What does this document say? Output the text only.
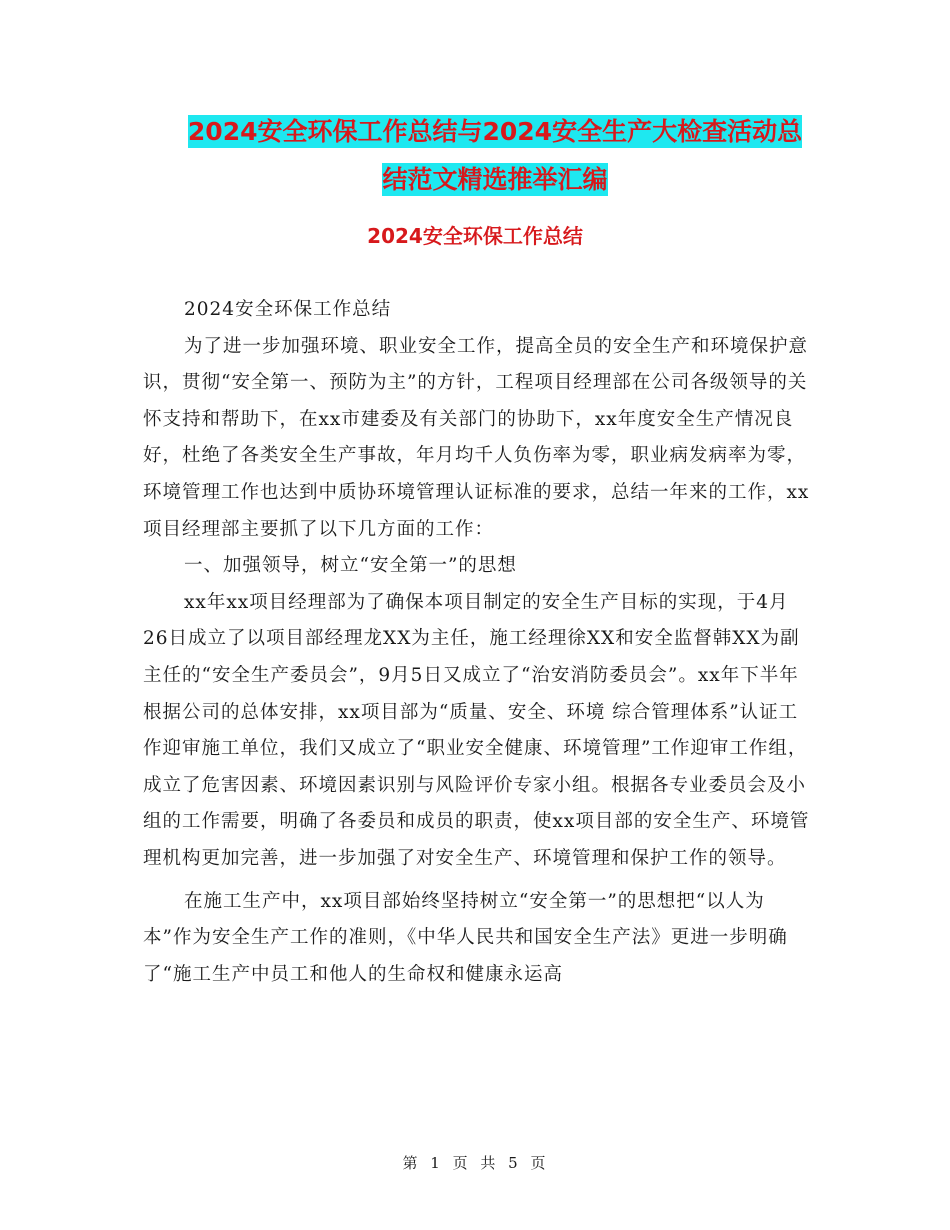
2024安全环保工作总结与2024安全生产大检查活动总
结范文精选推举汇编
2024安全环保工作总结

2024安全环保工作总结

为了进一步加强环境、职业安全工作，提高全员的安全生产和环境保护意识，贯彻“安全第一、预防为主”的方针，工程项目经理部在公司各级领导的关怀支持和帮助下，在xx市建委及有关部门的协助下，xx年度安全生产情况良好，杜绝了各类安全生产事故，年月均千人负伤率为零，职业病发病率为零，环境管理工作也达到中质协环境管理认证标准的要求，总结一年来的工作，xx项目经理部主要抓了以下几方面的工作：

一、加强领导，树立“安全第一”的思想

xx年xx项目经理部为了确保本项目制定的安全生产目标的实现，于4月26日成立了以项目部经理龙XX为主任，施工经理徐XX和安全监督韩XX为副主任的“安全生产委员会”，9月5日又成立了“治安消防委员会”。xx年下半年根据公司的总体安排，xx项目部为“质量、安全、环境 综合管理体系”认证工作迎审施工单位，我们又成立了“职业安全健康、环境管理”工作迎审工作组，成立了危害因素、环境因素识别与风险评价专家小组。根据各专业委员会及小组的工作需要，明确了各委员和成员的职责，使xx项目部的安全生产、环境管理机构更加完善，进一步加强了对安全生产、环境管理和保护工作的领导。

在施工生产中，xx项目部始终坚持树立“安全第一”的思想把“以人为本”作为安全生产工作的准则，《中华人民共和国安全生产法》更进一步明确了“施工生产中员工和他人的生命权和健康永运高

第 1 页 共 5 页
